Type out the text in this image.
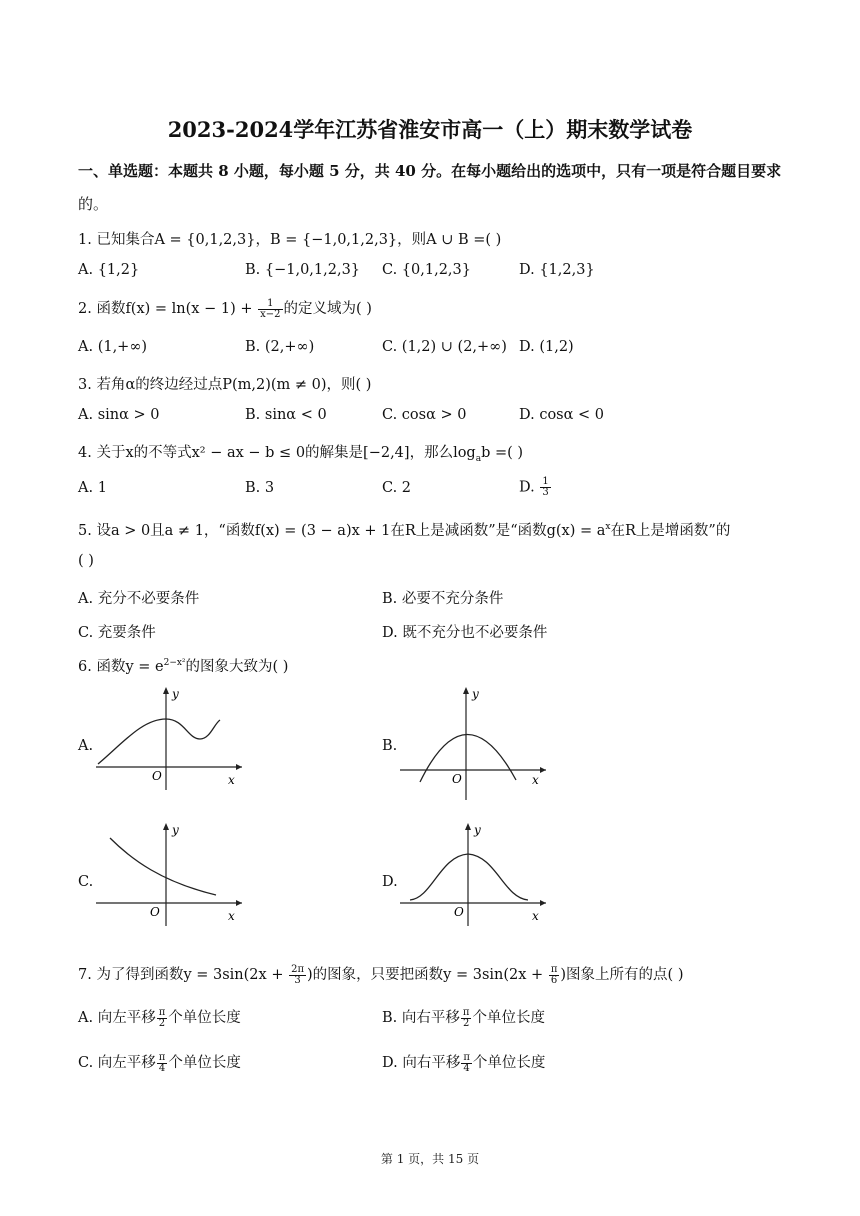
2023-2024学年江苏省淮安市高一（上）期末数学试卷
一、单选题：本题共 8 小题，每小题 5 分，共 40 分。在每小题给出的选项中，只有一项是符合题目要求
的。
1. 已知集合A = {0,1,2,3}，B = {−1,0,1,2,3}，则A ∪ B =( )
A. {1,2}	B. {−1,0,1,2,3} C. {0,1,2,3}	D. {1,2,3}
2. 函数$f(x) = \ln(x - 1) + \frac{1}{x-2}$ 的定义域为( )
A. (1,+∞)	B. (2,+∞)	C. (1,2) ∪ (2,+∞) D. (1,2)
3. 若角α的终边经过点P(m,2)(m ≠ 0)，则( )
A. sinα > 0	B. sinα < 0	C. cosα > 0	D. cosα < 0
4. 关于x的不等式x² − ax − b ≤ 0的解集是[−2,4]，那么$\log_ab$ =( )
A. 1	B. 3	C. 2	D. $\frac{1}{3}$
5. 设a > 0且a ≠ 1，“函数f(x) = (3 − a)x + 1在R上是减函数”是“函数$g(x) = a^x$在R上是增函数”的
( )
A. 充分不必要条件	B. 必要不充分条件
C. 充要条件	D. 既不充分也不必要条件
6. 函数$y = e^{2-x^2}$的图象大致为( )
A.	B.
C.	D.
y
x
O
y
x
O
y
x
O
y
x
O
7. 为了得到函数$y = 3\sin(2x + \frac{2\pi}{3}$ )的图象，只要把函数$y = 3\sin(2x + \frac{\pi}{6}$ )图象上所有的点( )
A. 向左平移 $\frac{\pi}{2}$ 个单位长度	B. 向右平移 $\frac{\pi}{2}$ 个单位长度
C. 向左平移 $\frac{\pi}{4}$ 个单位长度	D. 向右平移 $\frac{\pi}{4}$ 个单位长度
第 1 页，共 15 页
